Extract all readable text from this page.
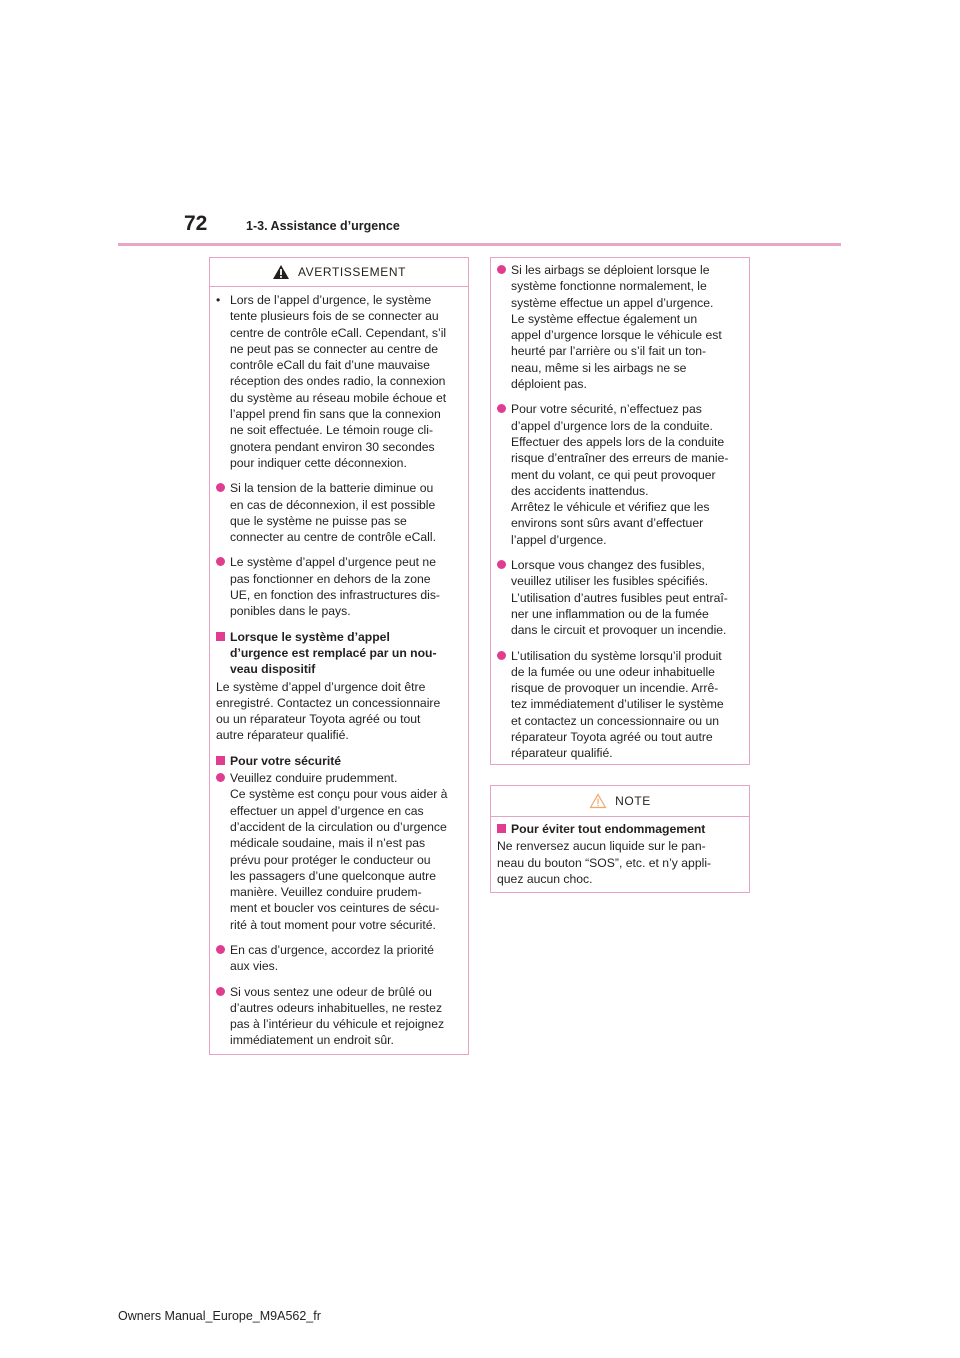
72	1-3. Assistance d’urgence
AVERTISSEMENT
• Lors de l’appel d’urgence, le système
tente plusieurs fois de se connecter au
centre de contrôle eCall. Cependant, s’il
ne peut pas se connecter au centre de
contrôle eCall du fait d’une mauvaise
réception des ondes radio, la connexion
du système au réseau mobile échoue et
l’appel prend fin sans que la connexion
ne soit effectuée. Le témoin rouge cli-
gnotera pendant environ 30 secondes
pour indiquer cette déconnexion.
Si la tension de la batterie diminue ou
en cas de déconnexion, il est possible
que le système ne puisse pas se
connecter au centre de contrôle eCall.
Le système d’appel d’urgence peut ne
pas fonctionner en dehors de la zone
UE, en fonction des infrastructures dis-
ponibles dans le pays.
Lorsque le système d’appel
d’urgence est remplacé par un nou-
veau dispositif

Le système d’appel d’urgence doit être
enregistré. Contactez un concessionnaire
ou un réparateur Toyota agréé ou tout
autre réparateur qualifié.

Pour votre sécurité
Veuillez conduire prudemment.
Ce système est conçu pour vous aider à
effectuer un appel d’urgence en cas
d’accident de la circulation ou d’urgence
médicale soudaine, mais il n’est pas
prévu pour protéger le conducteur ou
les passagers d’une quelconque autre
manière. Veuillez conduire prudem-
ment et boucler vos ceintures de sécu-
rité à tout moment pour votre sécurité.
En cas d’urgence, accordez la priorité
aux vies.
Si vous sentez une odeur de brûlé ou
d’autres odeurs inhabituelles, ne restez
pas à l’intérieur du véhicule et rejoignez
immédiatement un endroit sûr.
Si les airbags se déploient lorsque le
système fonctionne normalement, le
système effectue un appel d’urgence.
Le système effectue également un
appel d’urgence lorsque le véhicule est
heurté par l’arrière ou s’il fait un ton-
neau, même si les airbags ne se
déploient pas.
Pour votre sécurité, n’effectuez pas
d’appel d’urgence lors de la conduite.
Effectuer des appels lors de la conduite
risque d’entraîner des erreurs de manie-
ment du volant, ce qui peut provoquer
des accidents inattendus.
Arrêtez le véhicule et vérifiez que les
environs sont sûrs avant d’effectuer
l’appel d’urgence.
Lorsque vous changez des fusibles,
veuillez utiliser les fusibles spécifiés.
L’utilisation d’autres fusibles peut entraî-
ner une inflammation ou de la fumée
dans le circuit et provoquer un incendie.
L’utilisation du système lorsqu’il produit
de la fumée ou une odeur inhabituelle
risque de provoquer un incendie. Arrê-
tez immédiatement d’utiliser le système
et contactez un concessionnaire ou un
réparateur Toyota agréé ou tout autre
réparateur qualifié.
NOTE
Pour éviter tout endommagement

Ne renversez aucun liquide sur le pan-
neau du bouton “SOS”, etc. et n’y appli-
quez aucun choc.

Owners Manual_Europe_M9A562_fr
